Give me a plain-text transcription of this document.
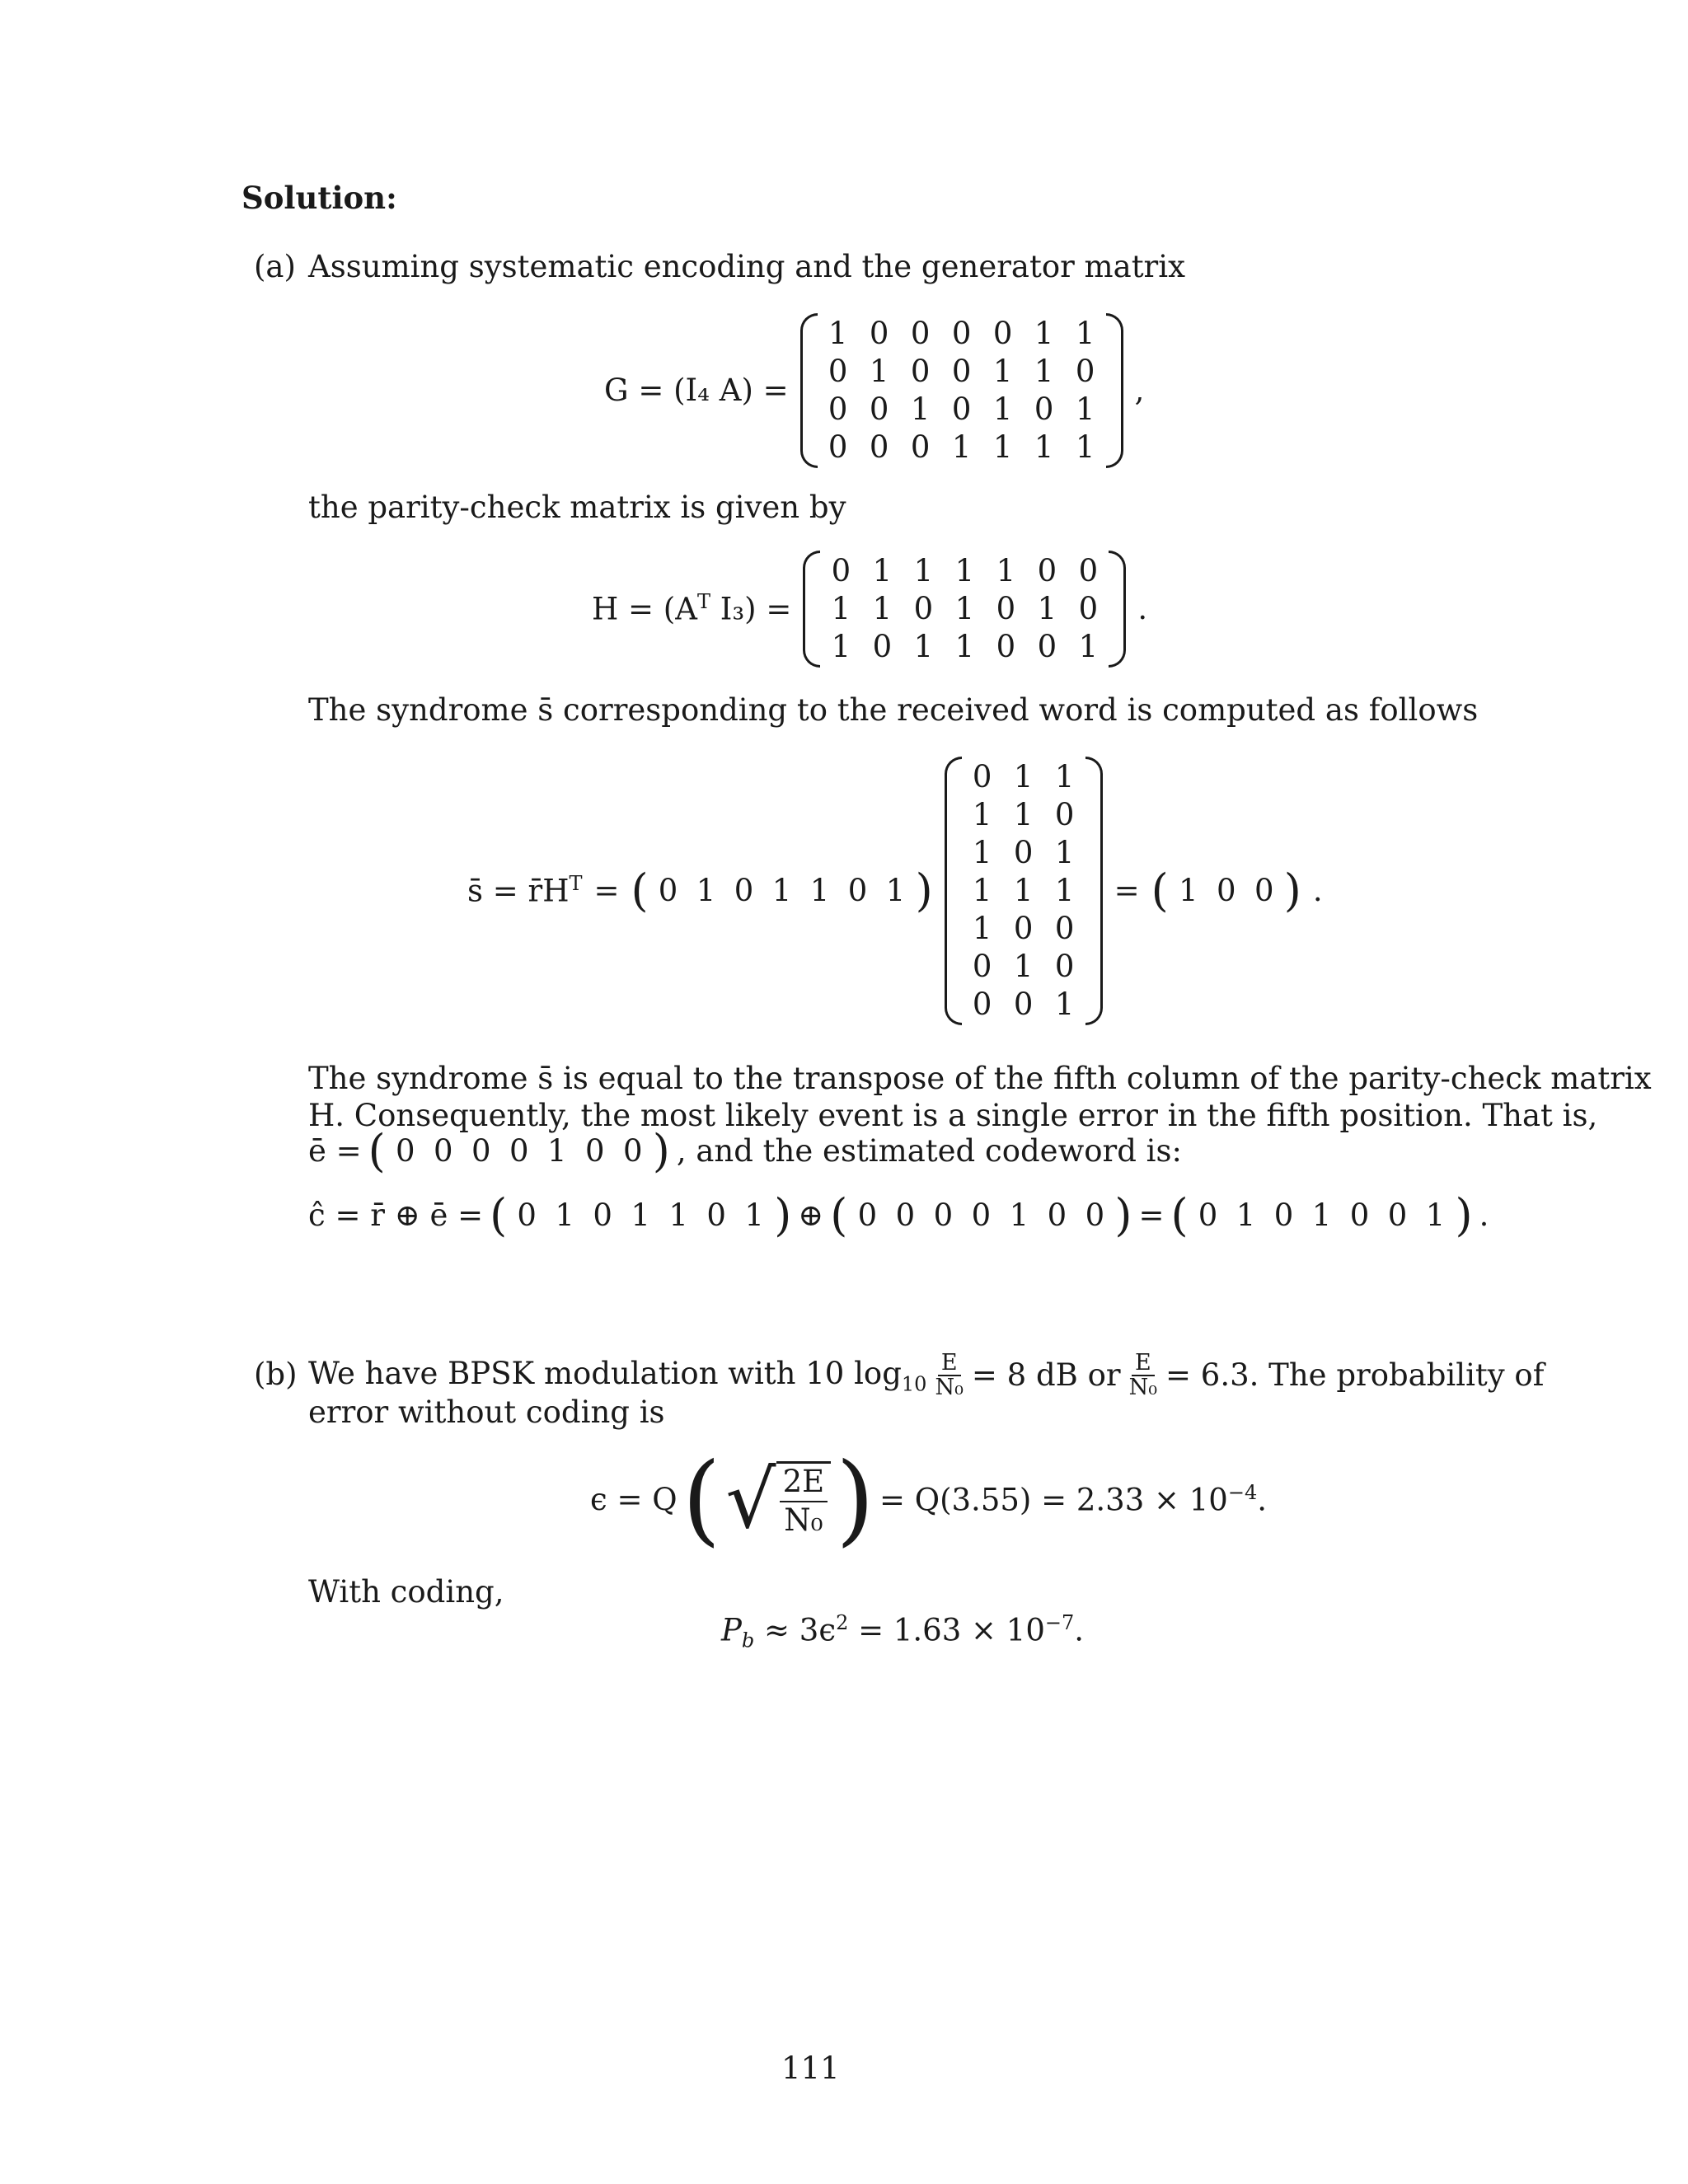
Solution:
(a) Assuming systematic encoding and the generator matrix
G = (I₄ A) =
1 0 0 0 0 1 1
0 1 0 0 1 1 0
0 0 1 0 1 0 1
0 0 0 1 1 1 1
,
the parity-check matrix is given by
$H = (A^T$ I₃) =
0 1 1 1 1 0 0
1 1 0 1 0 1 0
1 0 1 1 0 0 1
.
The syndrome s̄ corresponding to the received word is computed as follows
s̄ = $r̄H^T$ = ( 0 1 0 1 1 0 1 )
0 1 1
1 1 0
1 0 1
1 1 1
1 0 0
0 1 0
0 0 1
= ( 1 0 0 ) .
The syndrome s̄ is equal to the transpose of the fifth column of the parity-check matrix
H. Consequently, the most likely event is a single error in the fifth position. That is,
ē = ( 0 0 0 0 1 0 0 ) , and the estimated codeword is:
ĉ = r̄ ⊕ ē = ( 0 1 0 1 1 0 1 ) ⊕ ( 0 0 0 0 1 0 0 ) = ( 0 1 0 1 0 0 1 ) .
(b) We have BPSK modulation with 10 $\log_{10} \frac{E}{\text{N₀}} = 8$ dB or $\frac{E}{\text{N₀}} = 6.3$. The probability of
error without coding is
ϵ = Q ( √ 2E
N₀ ) = $Q(3.55) = 2.33 \times 10^{-4}$.
With coding,
$P_b \approx 3\epsilon^2 = 1.63 \times 10^{-7}$.
111
